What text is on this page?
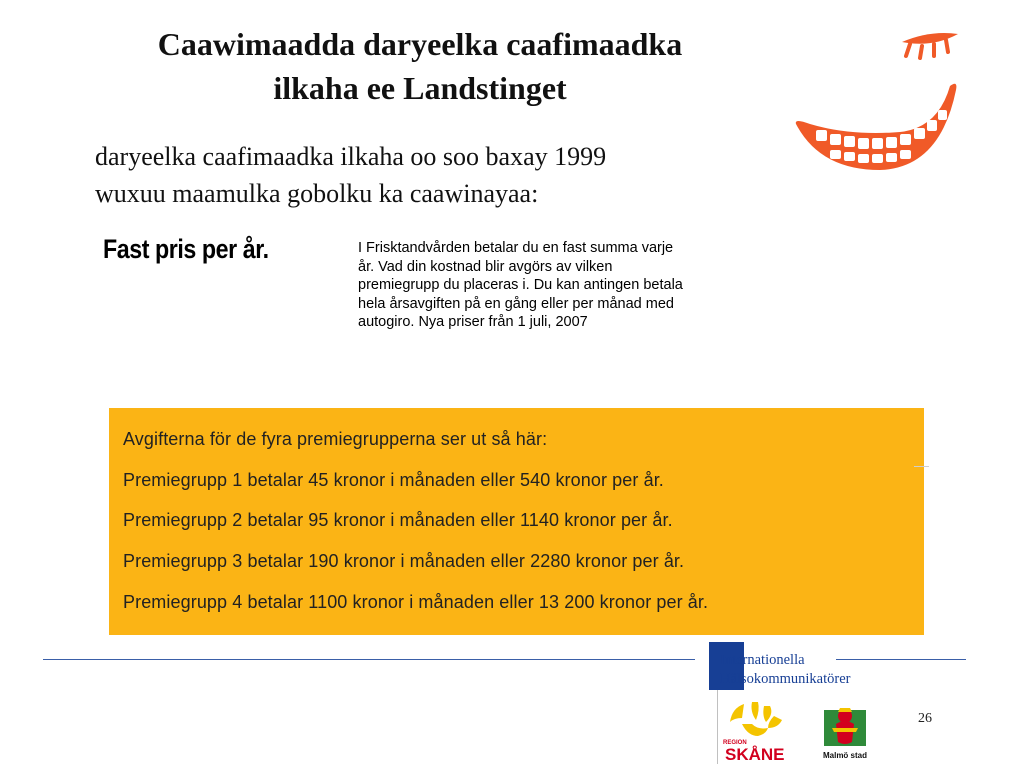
Caawimaadda daryeelka caafimaadka
ilkaha ee Landstinget
daryeelka caafimaadka ilkaha oo soo baxay 1999
wuxuu maamulka gobolku ka caawinayaa:
Fast pris per år.	I Frisktandvården betalar du en fast summa varje år. Vad din kostnad blir avgörs av vilken premiegrupp du placeras i. Du kan antingen betala hela årsavgiften på en gång eller per månad med autogiro. Nya priser från 1 juli, 2007
Avgifterna för de fyra premiegrupperna ser ut så här:
Premiegrupp 1 betalar 45 kronor i månaden eller 540 kronor per år.
Premiegrupp 2 betalar 95 kronor i månaden eller 1140 kronor per år.
Premiegrupp 3 betalar 190 kronor i månaden eller 2280 kronor per år.
Premiegrupp 4 betalar 1100 kronor i månaden eller 13 200 kronor per år.
Internationella
Hälsokommunikatörer
REGION
SKÅNE	Malmö stad
26
